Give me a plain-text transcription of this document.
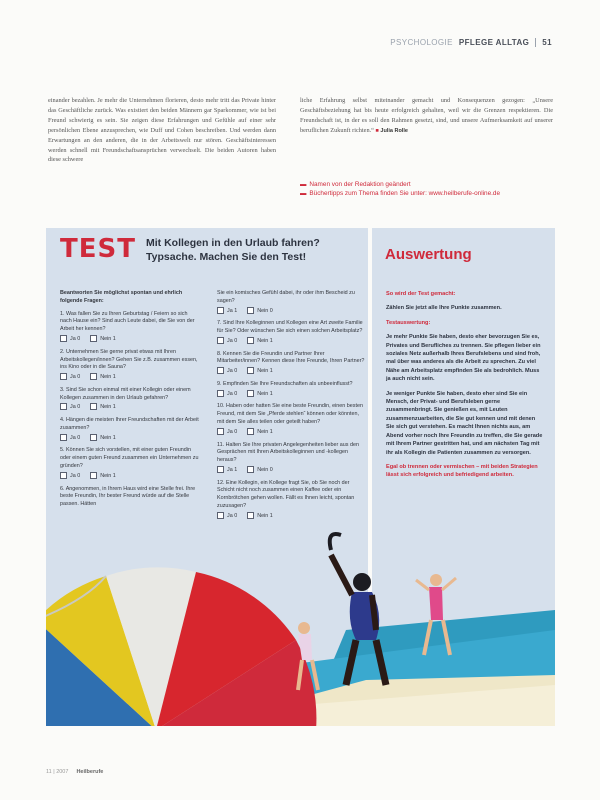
PSYCHOLOGIE PFLEGE ALLTAG	51

einander bezahlen. Je mehr die Unternehmen florieren, desto mehr tritt das Private hinter das Geschäftliche zurück. Was existiert den beiden Männern gar Sparkommer, wie ist bei Freund schwierig es sein. Sie zeigen diese Erfahrungen und Gefühle auf einer sehr persönlichen Ebene anzusprechen, wie Duff und Cohen beschreiben. Und werden dann Erwartungen an den anderen, die in der Arbeitswelt nur stören. Geschäftsinteressen werden schnell mit Freundschaftsansprüchen verwechselt. Die beiden Autoren haben diese schwere

liche Erfahrung selbst miteinander gemacht und Konsequenzen gezogen: „Unsere Geschäftsbeziehung hat bis heute erfolgreich gehalten, weil wir die Grenzen respektieren. Die Freundschaft ist, in der es soll den Rahmen gesetzt, sind, und unsere Aufmerksamkeit auf unserer beruflichen Zukunft richten.“ ■ Julia Rolle

▬ Namen von der Redaktion geändert
▬ Büchertipps zum Thema finden Sie unter: www.heilberufe-online.de
TEST Mit Kollegen in den Urlaub fahren?
Typsache. Machen Sie den Test!	Auswertung

Beantworten Sie möglichst spontan und ehrlich folgende Fragen:

1. Was fallen Sie zu Ihren Geburtstag / Feiern so sich nach Hause ein? Sind auch Leute dabei, die Sie von der Arbeit her kennen?
Ja 0	Nein 1

2. Unternehmen Sie gerne privat etwas mit Ihren Arbeitskollegen/innen? Gehen Sie z.B. zusammen essen, ins Kino oder in die Sauna?
Ja 0	Nein 1

3. Sind Sie schon einmal mit einer Kollegin oder einem Kollegen zusammen in den Urlaub gefahren?
Ja 0	Nein 1

4. Hängen die meisten Ihrer Freundschaften mit der Arbeit zusammen?
Ja 0	Nein 1

5. Können Sie sich vorstellen, mit einer guten Freundin oder einem guten Freund zusammen ein Unternehmen zu gründen?
Ja 0	Nein 1

6. Angenommen, in Ihrem Haus wird eine Stelle frei. Ihre beste Freundin, Ihr bester Freund würde auf die Stelle passen. Hätten

Sie ein komisches Gefühl dabei, ihr oder ihm Bescheid zu sagen?
Ja 1	Nein 0

7. Sind Ihre Kolleginnen und Kollegen eine Art zweite Familie für Sie? Oder wünschen Sie sich einen solchen Arbeitsplatz?
Ja 0	Nein 1

8. Kennen Sie die Freundin und Partner Ihrer Mitarbeiter/innen? Kennen diese Ihre Freunde, Ihren Partner?
Ja 0	Nein 1

9. Empfinden Sie Ihre Freundschaften als unbeeinflusst?
Ja 0	Nein 1

10. Haben oder hatten Sie eine beste Freundin, einen besten Freund, mit dem Sie „Pferde stehlen“ können oder könnten, mit dem Sie alles teilen oder geteilt haben?
Ja 0	Nein 1

11. Halten Sie Ihre privaten Angelegenheiten lieber aus den Gesprächen mit Ihren Arbeitskolleginnen und -kollegen heraus?
Ja 1	Nein 0

12. Eine Kollegin, ein Kollege fragt Sie, ob Sie noch der Schicht nicht noch zusammen einen Kaffee oder ein Kornbrötchen gehen wollen. Fällt es Ihnen leicht, spontan zuzusagen?
Ja 0	Nein 1

So wird der Test gemacht:

Zählen Sie jetzt alle Ihre Punkte zusammen.

Testauswertung:

Je mehr Punkte Sie haben, desto eher bevorzugen Sie es, Privates und Berufliches zu trennen. Sie pflegen lieber ein soziales Netz außerhalb Ihres Berufslebens und sind froh, mal über was anderes als die Arbeit zu sprechen. Zu viel Nähe am Arbeitsplatz empfinden Sie als bedrohlich. Muss ja auch nicht sein.

Je weniger Punkte Sie haben, desto eher sind Sie ein Mensch, der Privat- und Berufsleben gerne zusammenbringt. Sie genießen es, mit Leuten zusammenzuarbeiten, die Sie gut kennen und mit denen Sie sich gut verstehen. Es macht Ihnen nichts aus, am Abend vorher noch Ihre Freundin zu treffen, die Sie gerade mit Ihrem Partner gestritten hat, und am nächsten Tag mit ihr als Kollegin die Patienten zusammen zu versorgen.

Egal ob trennen oder vermischen – mit beiden Strategien lässt sich erfolgreich und befriedigend arbeiten.

11 | 2007 Heilberufe
